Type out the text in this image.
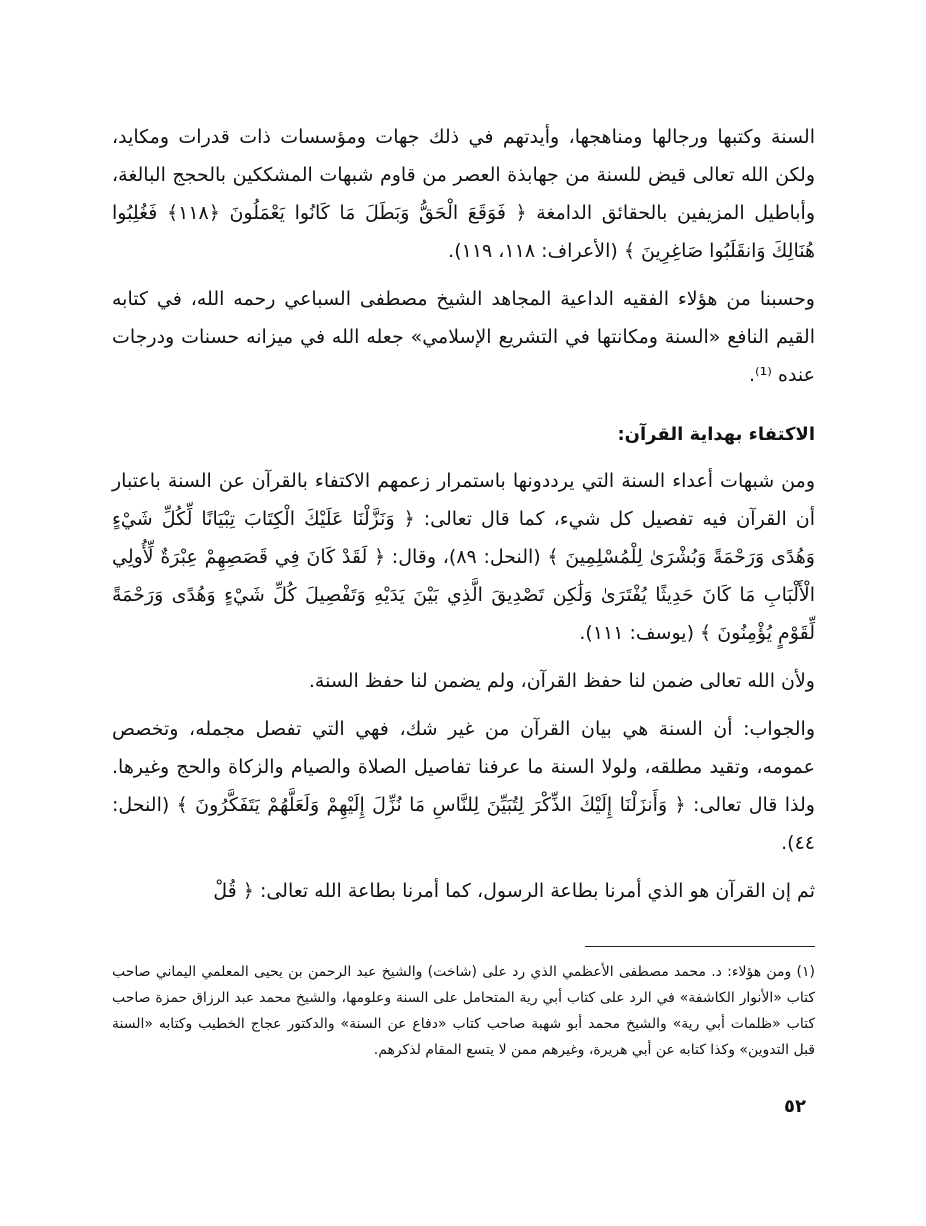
السنة وكتبها ورجالها ومناهجها، وأيدتهم في ذلك جهات ومؤسسات ذات قدرات ومكايد، ولكن الله تعالى قيض للسنة من جهابذة العصر من قاوم شبهات المشككين بالحجج البالغة، وأباطيل المزيفين بالحقائق الدامغة ﴿ فَوَقَعَ الْحَقُّ وَبَطَلَ مَا كَانُوا يَعْمَلُونَ ﴿١١٨﴾ فَغُلِبُوا هُنَالِكَ وَانقَلَبُوا صَاغِرِينَ ﴾ (الأعراف: ١١٨، ١١٩).

وحسبنا من هؤلاء الفقيه الداعية المجاهد الشيخ مصطفى السباعي رحمه الله، في كتابه القيم النافع «السنة ومكانتها في التشريع الإسلامي» جعله الله في ميزانه حسنات ودرجات عنده ⁽¹⁾.

الاكتفاء بهداية القرآن:

ومن شبهات أعداء السنة التي يرددونها باستمرار زعمهم الاكتفاء بالقرآن عن السنة باعتبار أن القرآن فيه تفصيل كل شيء، كما قال تعالى: ﴿ وَنَزَّلْنَا عَلَيْكَ الْكِتَابَ تِبْيَانًا لِّكُلِّ شَيْءٍ وَهُدًى وَرَحْمَةً وَبُشْرَىٰ لِلْمُسْلِمِينَ ﴾ (النحل: ٨٩)، وقال: ﴿ لَقَدْ كَانَ فِي قَصَصِهِمْ عِبْرَةٌ لِّأُولِي الْأَلْبَابِ مَا كَانَ حَدِيثًا يُفْتَرَىٰ وَلَٰكِن تَصْدِيقَ الَّذِي بَيْنَ يَدَيْهِ وَتَفْصِيلَ كُلِّ شَيْءٍ وَهُدًى وَرَحْمَةً لِّقَوْمٍ يُؤْمِنُونَ ﴾ (يوسف: ١١١).

ولأن الله تعالى ضمن لنا حفظ القرآن، ولم يضمن لنا حفظ السنة.

والجواب: أن السنة هي بيان القرآن من غير شك، فهي التي تفصل مجمله، وتخصص عمومه، وتقيد مطلقه، ولولا السنة ما عرفنا تفاصيل الصلاة والصيام والزكاة والحج وغيرها. ولذا قال تعالى: ﴿ وَأَنزَلْنَا إِلَيْكَ الذِّكْرَ لِتُبَيِّنَ لِلنَّاسِ مَا نُزِّلَ إِلَيْهِمْ وَلَعَلَّهُمْ يَتَفَكَّرُونَ ﴾ (النحل: ٤٤).

ثم إن القرآن هو الذي أمرنا بطاعة الرسول، كما أمرنا بطاعة الله تعالى: ﴿ قُلْ

(١) ومن هؤلاء: د. محمد مصطفى الأعظمي الذي رد على (شاخت) والشيخ عبد الرحمن بن يحيى المعلمي اليماني صاحب كتاب «الأنوار الكاشفة» في الرد على كتاب أبي رية المتحامل على السنة وعلومها، والشيخ محمد عبد الرزاق حمزة صاحب كتاب «ظلمات أبي رية» والشيخ محمد أبو شهبة صاحب كتاب «دفاع عن السنة» والدكتور عجاج الخطيب وكتابه «السنة قبل التدوين» وكذا كتابه عن أبي هريرة، وغيرهم ممن لا يتسع المقام لذكرهم.

٥٢
